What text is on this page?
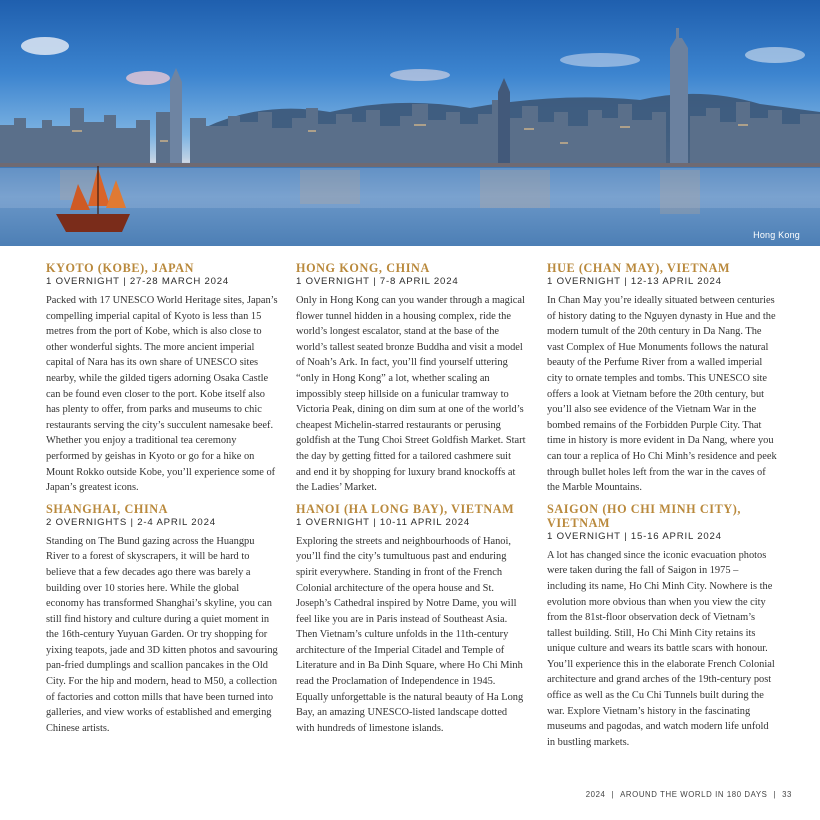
Hong Kong
KYOTO (KOBE), JAPAN
1 OVERNIGHT | 27-28 MARCH 2024

Packed with 17 UNESCO World Heritage sites, Japan’s compelling imperial capital of Kyoto is less than 15 metres from the port of Kobe, which is also close to other wonderful sights. The more ancient imperial capital of Nara has its own share of UNESCO sites nearby, while the gilded tigers adorning Osaka Castle can be found even closer to the port. Kobe itself also has plenty to offer, from parks and museums to chic restaurants serving the city’s succulent namesake beef. Whether you enjoy a traditional tea ceremony performed by geishas in Kyoto or go for a hike on Mount Rokko outside Kobe, you’ll experience some of Japan’s greatest icons.

SHANGHAI, CHINA
2 OVERNIGHTS | 2-4 APRIL 2024

Standing on The Bund gazing across the Huangpu River to a forest of skyscrapers, it will be hard to believe that a few decades ago there was barely a building over 10 stories here. While the global economy has transformed Shanghai’s skyline, you can still find history and culture during a quiet moment in the 16th-century Yuyuan Garden. Or try shopping for yixing teapots, jade and 3D kitten photos and savouring pan-fried dumplings and scallion pancakes in the Old City. For the hip and modern, head to M50, a collection of factories and cotton mills that have been turned into galleries, and view works of established and emerging Chinese artists.

HONG KONG, CHINA
1 OVERNIGHT | 7-8 APRIL 2024

Only in Hong Kong can you wander through a magical flower tunnel hidden in a housing complex, ride the world’s longest escalator, stand at the base of the world’s tallest seated bronze Buddha and visit a model of Noah’s Ark. In fact, you’ll find yourself uttering “only in Hong Kong” a lot, whether scaling an impossibly steep hillside on a funicular tramway to Victoria Peak, dining on dim sum at one of the world’s cheapest Michelin-starred restaurants or perusing goldfish at the Tung Choi Street Goldfish Market. Start the day by getting fitted for a tailored cashmere suit and end it by shopping for luxury brand knockoffs at the Ladies’ Market.

HANOI (HA LONG BAY), VIETNAM
1 OVERNIGHT | 10-11 APRIL 2024

Exploring the streets and neighbourhoods of Hanoi, you’ll find the city’s tumultuous past and enduring spirit everywhere. Standing in front of the French Colonial architecture of the opera house and St. Joseph’s Cathedral inspired by Notre Dame, you will feel like you are in Paris instead of Southeast Asia. Then Vietnam’s culture unfolds in the 11th-century architecture of the Imperial Citadel and Temple of Literature and in Ba Dinh Square, where Ho Chi Minh read the Proclamation of Independence in 1945. Equally unforgettable is the natural beauty of Ha Long Bay, an amazing UNESCO-listed landscape dotted with hundreds of limestone islands.

HUE (CHAN MAY), VIETNAM
1 OVERNIGHT | 12-13 APRIL 2024

In Chan May you’re ideally situated between centuries of history dating to the Nguyen dynasty in Hue and the modern tumult of the 20th century in Da Nang. The vast Complex of Hue Monuments follows the natural beauty of the Perfume River from a walled imperial city to ornate temples and tombs. This UNESCO site offers a look at Vietnam before the 20th century, but you’ll also see evidence of the Vietnam War in the bombed remains of the Forbidden Purple City. That time in history is more evident in Da Nang, where you can tour a replica of Ho Chi Minh’s residence and peek through bullet holes left from the war in the caves of the Marble Mountains.

SAIGON (HO CHI MINH CITY), VIETNAM
1 OVERNIGHT | 15-16 APRIL 2024

A lot has changed since the iconic evacuation photos were taken during the fall of Saigon in 1975 – including its name, Ho Chi Minh City. Nowhere is the evolution more obvious than when you view the city from the 81st-floor observation deck of Vietnam’s tallest building. Still, Ho Chi Minh City retains its unique culture and wears its battle scars with honour. You’ll experience this in the elaborate French Colonial architecture and grand arches of the 19th-century post office as well as the Cu Chi Tunnels built during the war. Explore Vietnam’s history in the fascinating museums and pagodas, and watch modern life unfold in bustling markets.

2024 | AROUND THE WORLD IN 180 DAYS | 33
